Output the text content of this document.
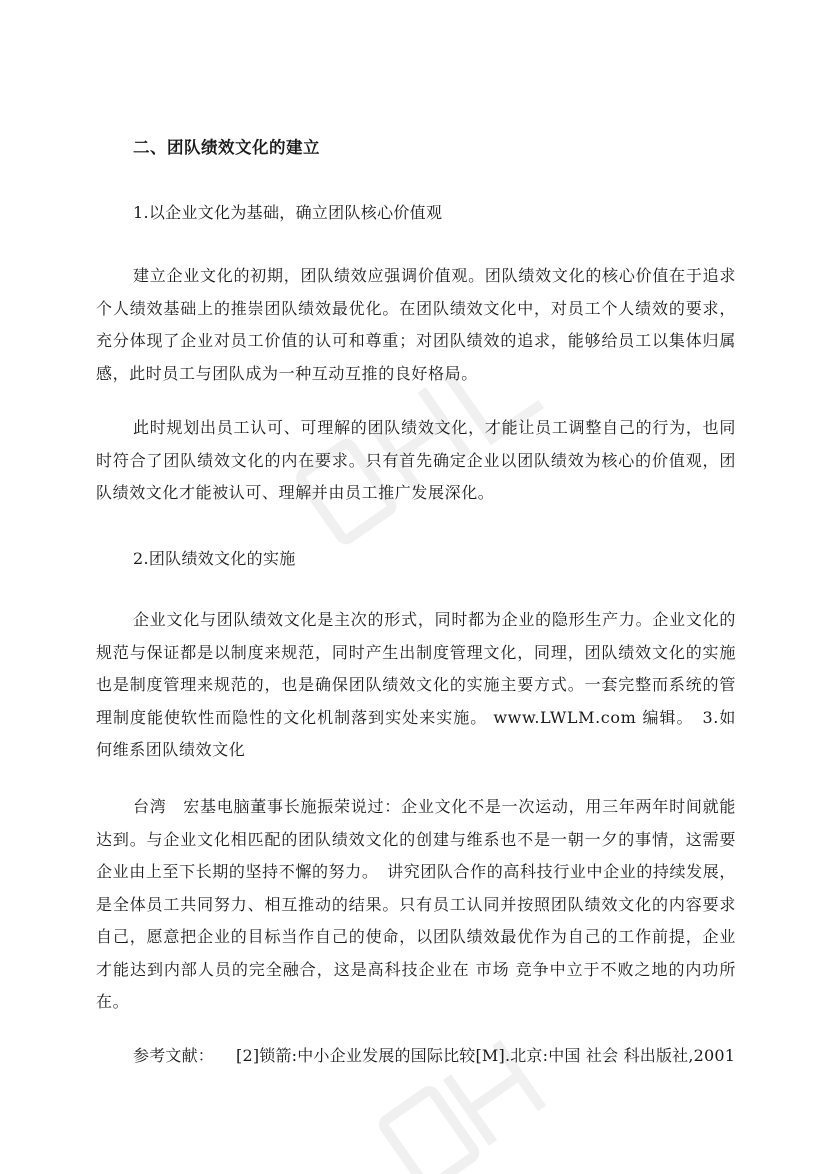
二、团队绩效文化的建立
1.以企业文化为基础，确立团队核心价值观

建立企业文化的初期，团队绩效应强调价值观。团队绩效文化的核心价值在于追求个人绩效基础上的推崇团队绩效最优化。在团队绩效文化中，对员工个人绩效的要求，充分体现了企业对员工价值的认可和尊重；对团队绩效的追求，能够给员工以集体归属感，此时员工与团队成为一种互动互推的良好格局。

此时规划出员工认可、可理解的团队绩效文化，才能让员工调整自己的行为，也同时符合了团队绩效文化的内在要求。只有首先确定企业以团队绩效为核心的价值观，团队绩效文化才能被认可、理解并由员工推广发展深化。

2.团队绩效文化的实施

企业文化与团队绩效文化是主次的形式，同时都为企业的隐形生产力。企业文化的规范与保证都是以制度来规范，同时产生出制度管理文化，同理，团队绩效文化的实施也是制度管理来规范的，也是确保团队绩效文化的实施主要方式。一套完整而系统的管理制度能使软性而隐性的文化机制落到实处来实施。 www.LWLM.com 编辑。　3.如何维系团队绩效文化

台湾　宏基电脑董事长施振荣说过：企业文化不是一次运动，用三年两年时间就能达到。与企业文化相匹配的团队绩效文化的创建与维系也不是一朝一夕的事情，这需要企业由上至下长期的坚持不懈的努力。　讲究团队合作的高科技行业中企业的持续发展，是全体员工共同努力、相互推动的结果。只有员工认同并按照团队绩效文化的内容要求自己，愿意把企业的目标当作自己的使命，以团队绩效最优作为自己的工作前提，企业才能达到内部人员的完全融合，这是高科技企业在 市场 竞争中立于不败之地的内功所在。

参考文献： [2]锁箭:中小企业发展的国际比较[M].北京:中国 社会 科出版社,2001
